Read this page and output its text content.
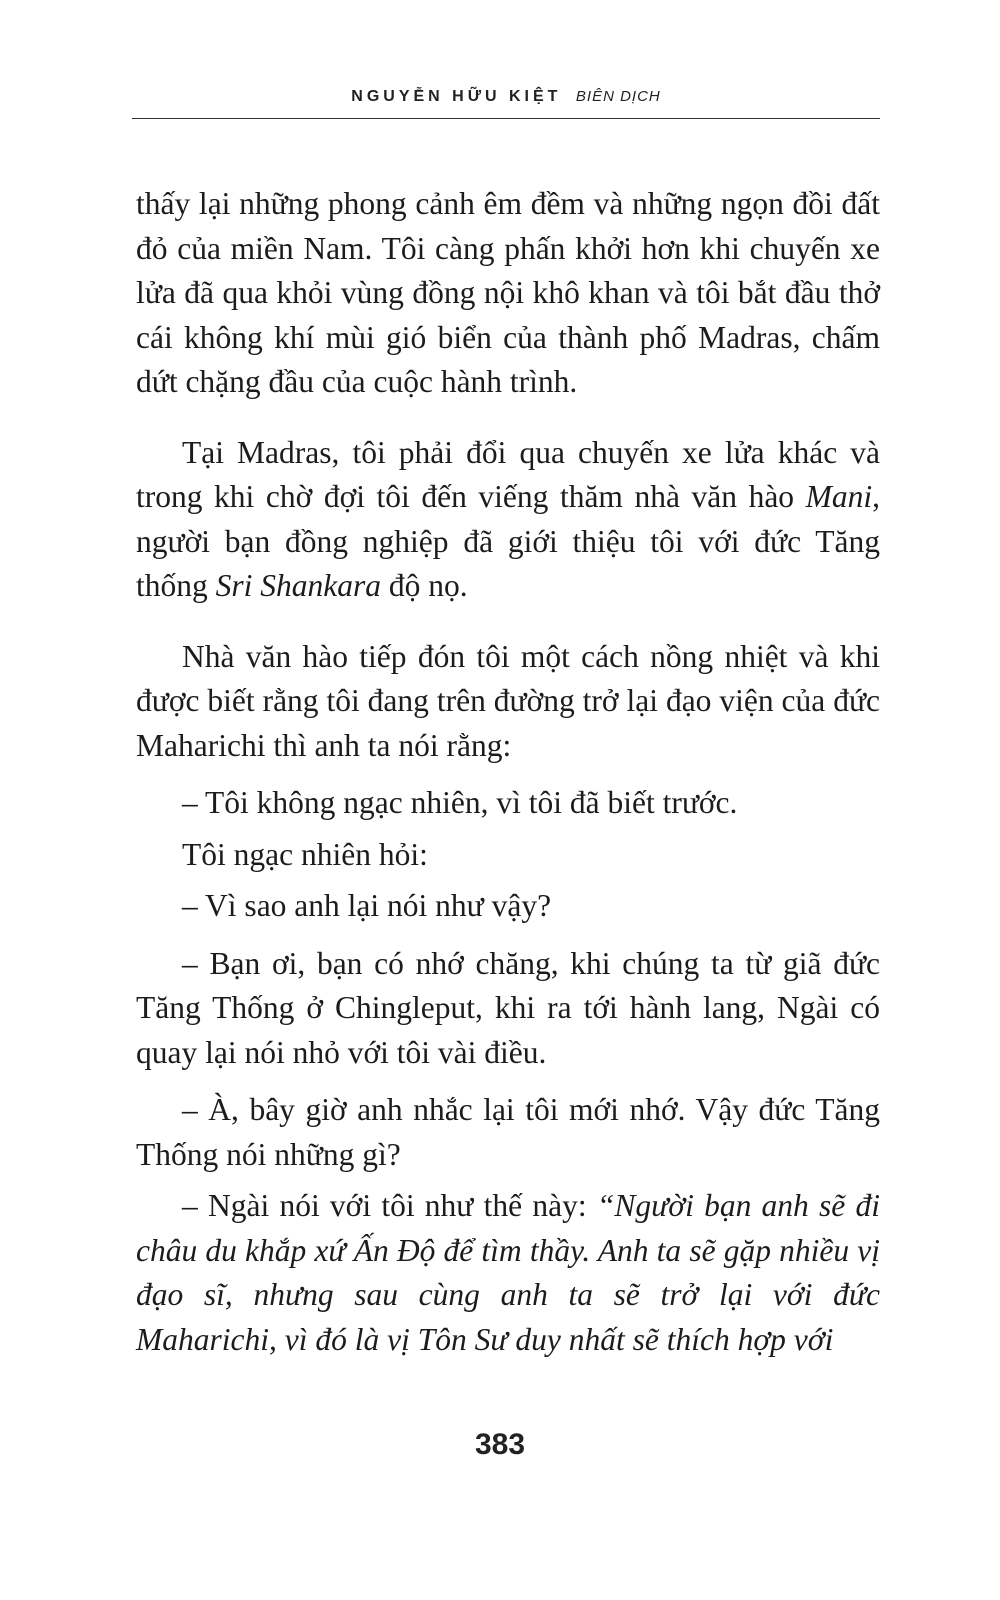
NGUYỄN HỮU KIỆT BIÊN DỊCH

thấy lại những phong cảnh êm đềm và những ngọn đồi đất đỏ của miền Nam. Tôi càng phấn khởi hơn khi chuyến xe lửa đã qua khỏi vùng đồng nội khô khan và tôi bắt đầu thở cái không khí mùi gió biển của thành phố Madras, chấm dứt chặng đầu của cuộc hành trình.

Tại Madras, tôi phải đổi qua chuyến xe lửa khác và trong khi chờ đợi tôi đến viếng thăm nhà văn hào Mani, người bạn đồng nghiệp đã giới thiệu tôi với đức Tăng thống Sri Shankara độ nọ.

Nhà văn hào tiếp đón tôi một cách nồng nhiệt và khi được biết rằng tôi đang trên đường trở lại đạo viện của đức Maharichi thì anh ta nói rằng:

– Tôi không ngạc nhiên, vì tôi đã biết trước.

Tôi ngạc nhiên hỏi:

– Vì sao anh lại nói như vậy?

– Bạn ơi, bạn có nhớ chăng, khi chúng ta từ giã đức Tăng Thống ở Chingleput, khi ra tới hành lang, Ngài có quay lại nói nhỏ với tôi vài điều.

– À, bây giờ anh nhắc lại tôi mới nhớ. Vậy đức Tăng Thống nói những gì?

– Ngài nói với tôi như thế này: “Người bạn anh sẽ đi châu du khắp xứ Ấn Độ để tìm thầy. Anh ta sẽ gặp nhiều vị đạo sĩ, nhưng sau cùng anh ta sẽ trở lại với đức Maharichi, vì đó là vị Tôn Sư duy nhất sẽ thích hợp với

383
